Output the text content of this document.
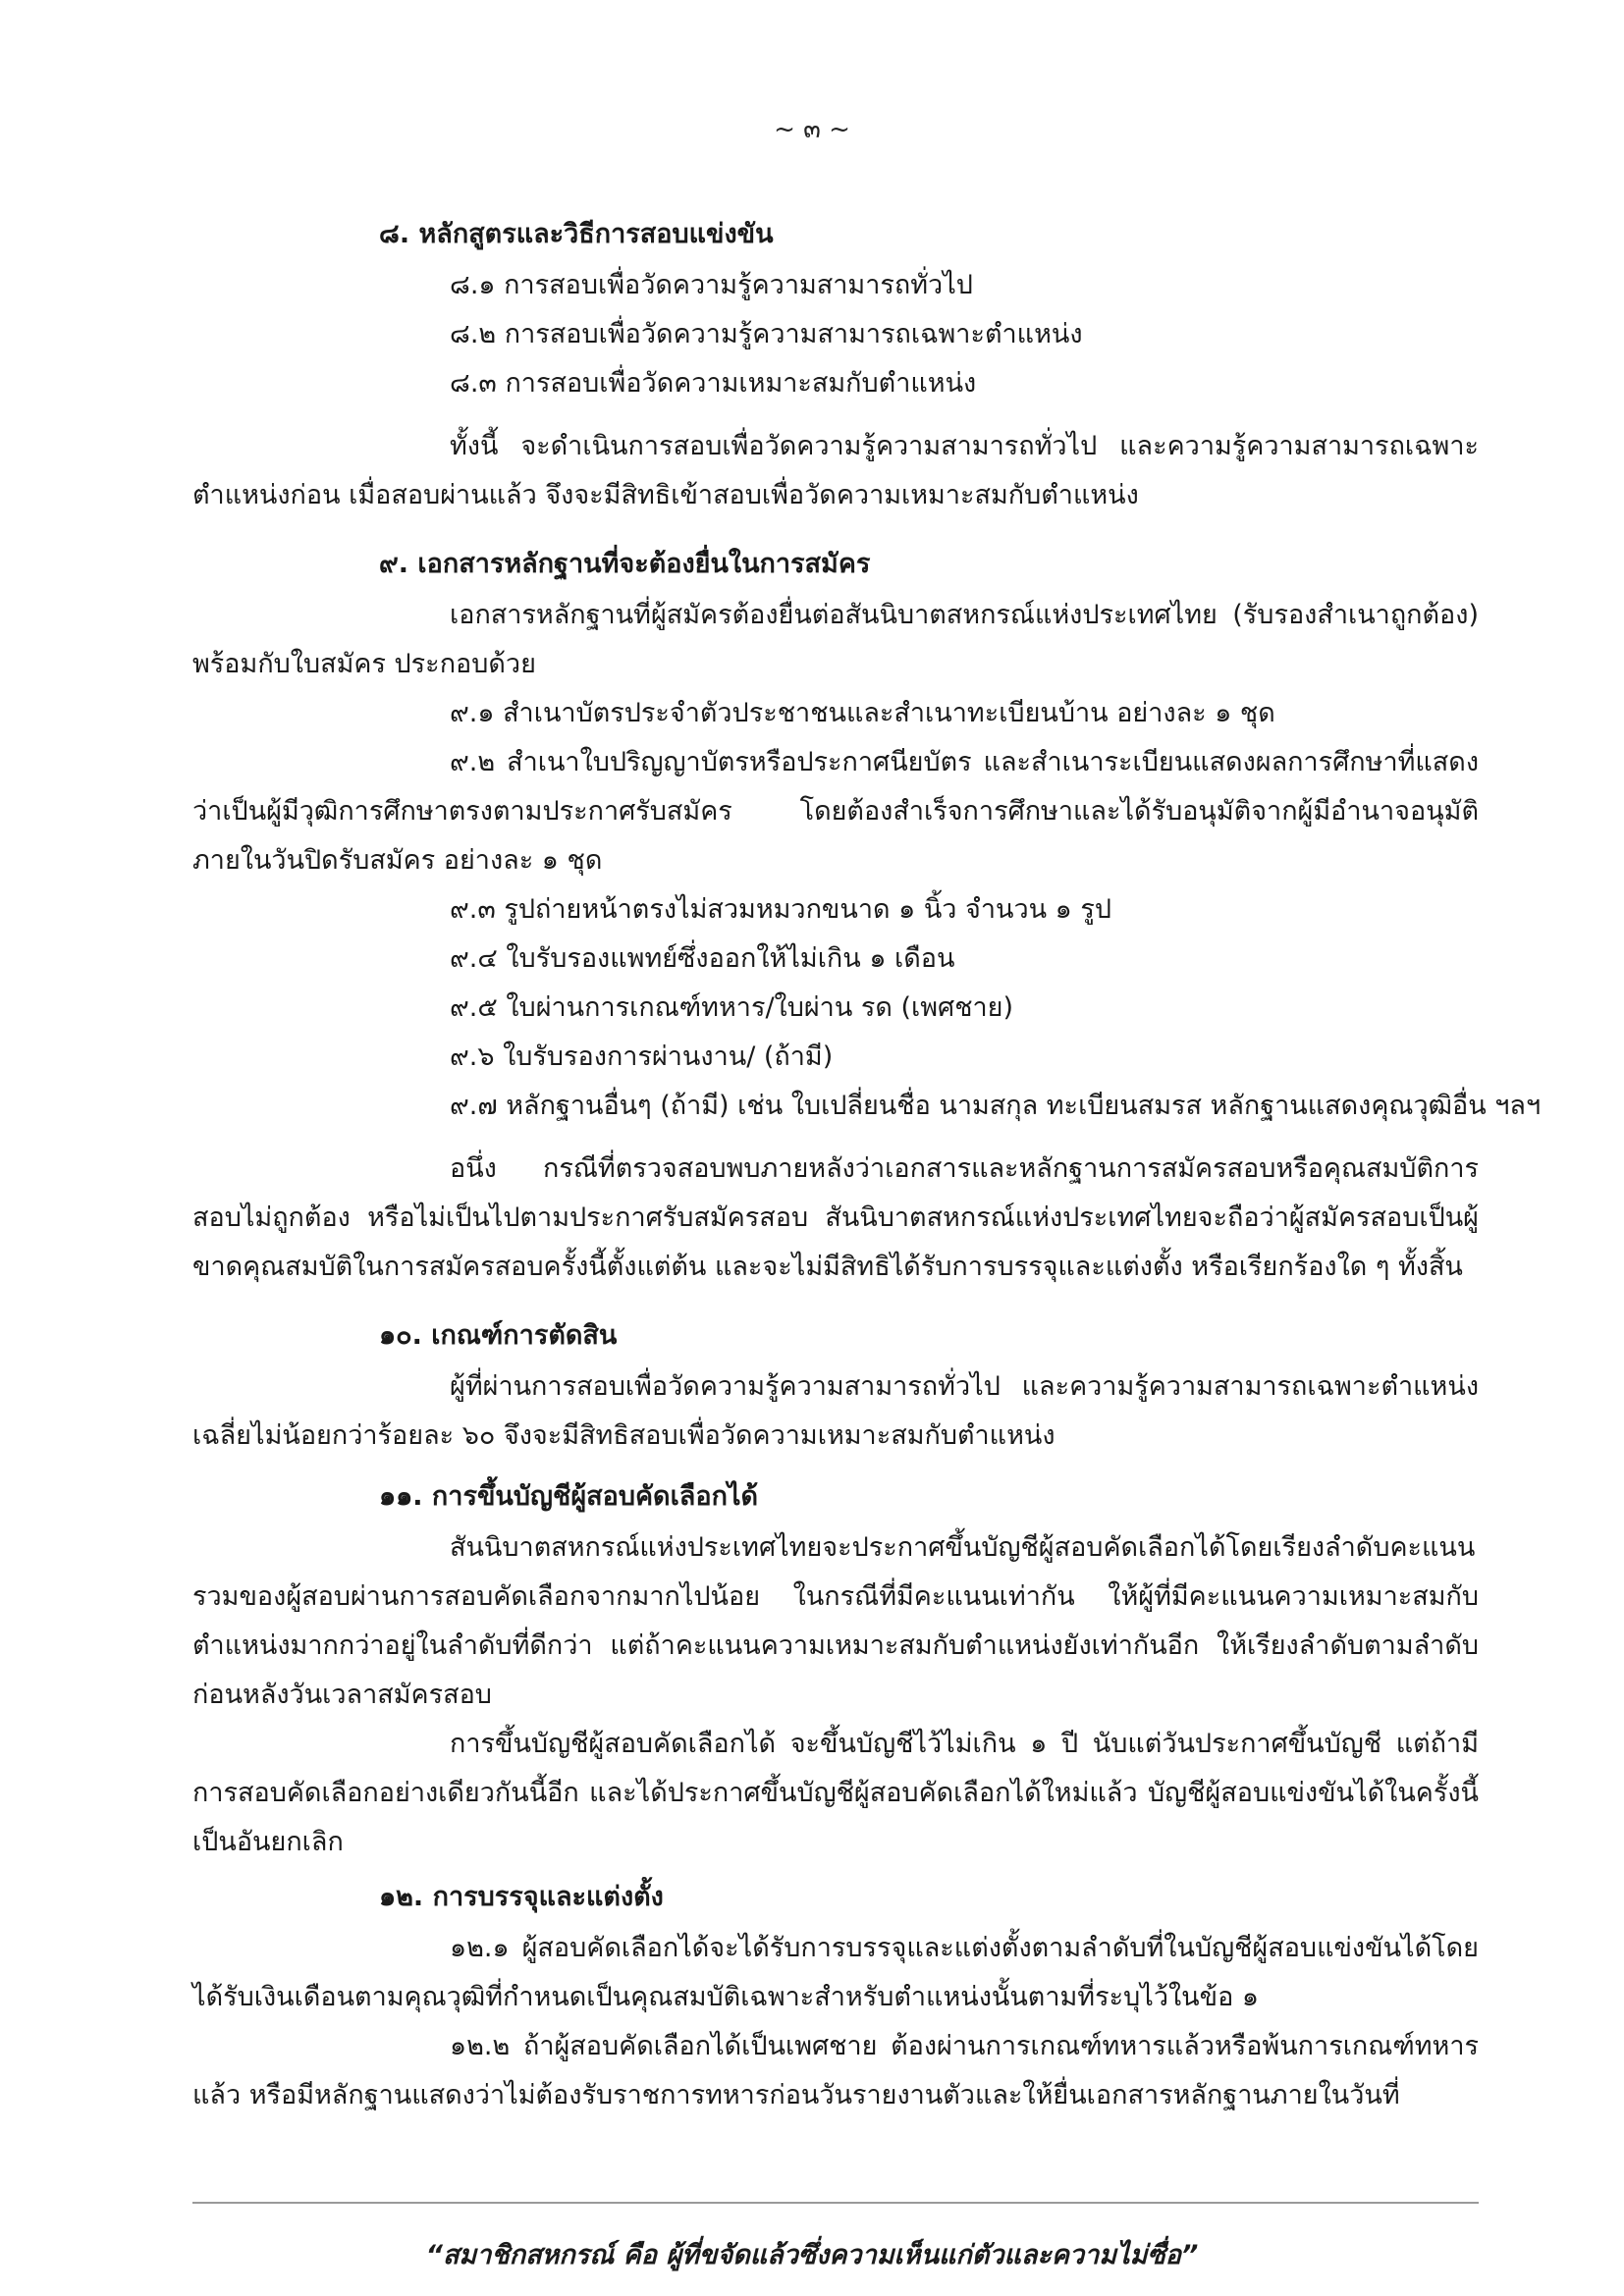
~ ๓ ~
๘. หลักสูตรและวิธีการสอบแข่งขัน
๘.๑ การสอบเพื่อวัดความรู้ความสามารถทั่วไป
๘.๒ การสอบเพื่อวัดความรู้ความสามารถเฉพาะตำแหน่ง
๘.๓ การสอบเพื่อวัดความเหมาะสมกับตำแหน่ง
ทั้งนี้ จะดำเนินการสอบเพื่อวัดความรู้ความสามารถทั่วไป และความรู้ความสามารถเฉพาะตำแหน่งก่อน เมื่อสอบผ่านแล้ว จึงจะมีสิทธิเข้าสอบเพื่อวัดความเหมาะสมกับตำแหน่ง
๙. เอกสารหลักฐานที่จะต้องยื่นในการสมัคร
เอกสารหลักฐานที่ผู้สมัครต้องยื่นต่อสันนิบาตสหกรณ์แห่งประเทศไทย (รับรองสำเนาถูกต้อง) พร้อมกับใบสมัคร ประกอบด้วย
๙.๑ สำเนาบัตรประจำตัวประชาชนและสำเนาทะเบียนบ้าน อย่างละ ๑ ชุด
๙.๒ สำเนาใบปริญญาบัตรหรือประกาศนียบัตร และสำเนาระเบียนแสดงผลการศึกษาที่แสดงว่าเป็นผู้มีวุฒิการศึกษาตรงตามประกาศรับสมัคร โดยต้องสำเร็จการศึกษาและได้รับอนุมัติจากผู้มีอำนาจอนุมัติภายในวันปิดรับสมัคร อย่างละ ๑ ชุด
๙.๓ รูปถ่ายหน้าตรงไม่สวมหมวกขนาด ๑ นิ้ว จำนวน ๑ รูป
๙.๔ ใบรับรองแพทย์ซึ่งออกให้ไม่เกิน ๑ เดือน
๙.๕ ใบผ่านการเกณฑ์ทหาร/ใบผ่าน รด (เพศชาย)
๙.๖ ใบรับรองการผ่านงาน/ (ถ้ามี)
๙.๗ หลักฐานอื่นๆ (ถ้ามี) เช่น ใบเปลี่ยนชื่อ นามสกุล ทะเบียนสมรส หลักฐานแสดงคุณวุฒิอื่น ฯลฯ
อนึ่ง กรณีที่ตรวจสอบพบภายหลังว่าเอกสารและหลักฐานการสมัครสอบหรือคุณสมบัติการสอบไม่ถูกต้อง หรือไม่เป็นไปตามประกาศรับสมัครสอบ สันนิบาตสหกรณ์แห่งประเทศไทยจะถือว่าผู้สมัครสอบเป็นผู้ขาดคุณสมบัติในการสมัครสอบครั้งนี้ตั้งแต่ต้น และจะไม่มีสิทธิได้รับการบรรจุและแต่งตั้ง หรือเรียกร้องใด ๆ ทั้งสิ้น
๑๐. เกณฑ์การตัดสิน
ผู้ที่ผ่านการสอบเพื่อวัดความรู้ความสามารถทั่วไป และความรู้ความสามารถเฉพาะตำแหน่งเฉลี่ยไม่น้อยกว่าร้อยละ ๖๐ จึงจะมีสิทธิสอบเพื่อวัดความเหมาะสมกับตำแหน่ง
๑๑. การขึ้นบัญชีผู้สอบคัดเลือกได้
สันนิบาตสหกรณ์แห่งประเทศไทยจะประกาศขึ้นบัญชีผู้สอบคัดเลือกได้โดยเรียงลำดับคะแนนรวมของผู้สอบผ่านการสอบคัดเลือกจากมากไปน้อย ในกรณีที่มีคะแนนเท่ากัน ให้ผู้ที่มีคะแนนความเหมาะสมกับตำแหน่งมากกว่าอยู่ในลำดับที่ดีกว่า แต่ถ้าคะแนนความเหมาะสมกับตำแหน่งยังเท่ากันอีก ให้เรียงลำดับตามลำดับก่อนหลังวันเวลาสมัครสอบ
การขึ้นบัญชีผู้สอบคัดเลือกได้ จะขึ้นบัญชีไว้ไม่เกิน ๑ ปี นับแต่วันประกาศขึ้นบัญชี แต่ถ้ามีการสอบคัดเลือกอย่างเดียวกันนี้อีก และได้ประกาศขึ้นบัญชีผู้สอบคัดเลือกได้ใหม่แล้ว บัญชีผู้สอบแข่งขันได้ในครั้งนี้เป็นอันยกเลิก
๑๒. การบรรจุและแต่งตั้ง
๑๒.๑ ผู้สอบคัดเลือกได้จะได้รับการบรรจุและแต่งตั้งตามลำดับที่ในบัญชีผู้สอบแข่งขันได้โดยได้รับเงินเดือนตามคุณวุฒิที่กำหนดเป็นคุณสมบัติเฉพาะสำหรับตำแหน่งนั้นตามที่ระบุไว้ในข้อ ๑
๑๒.๒ ถ้าผู้สอบคัดเลือกได้เป็นเพศชาย ต้องผ่านการเกณฑ์ทหารแล้วหรือพ้นการเกณฑ์ทหารแล้ว หรือมีหลักฐานแสดงว่าไม่ต้องรับราชการทหารก่อนวันรายงานตัวและให้ยื่นเอกสารหลักฐานภายในวันที่
“สมาชิกสหกรณ์ คือ ผู้ที่ขจัดแล้วซึ่งความเห็นแก่ตัวและความไม่ซื่อ”
